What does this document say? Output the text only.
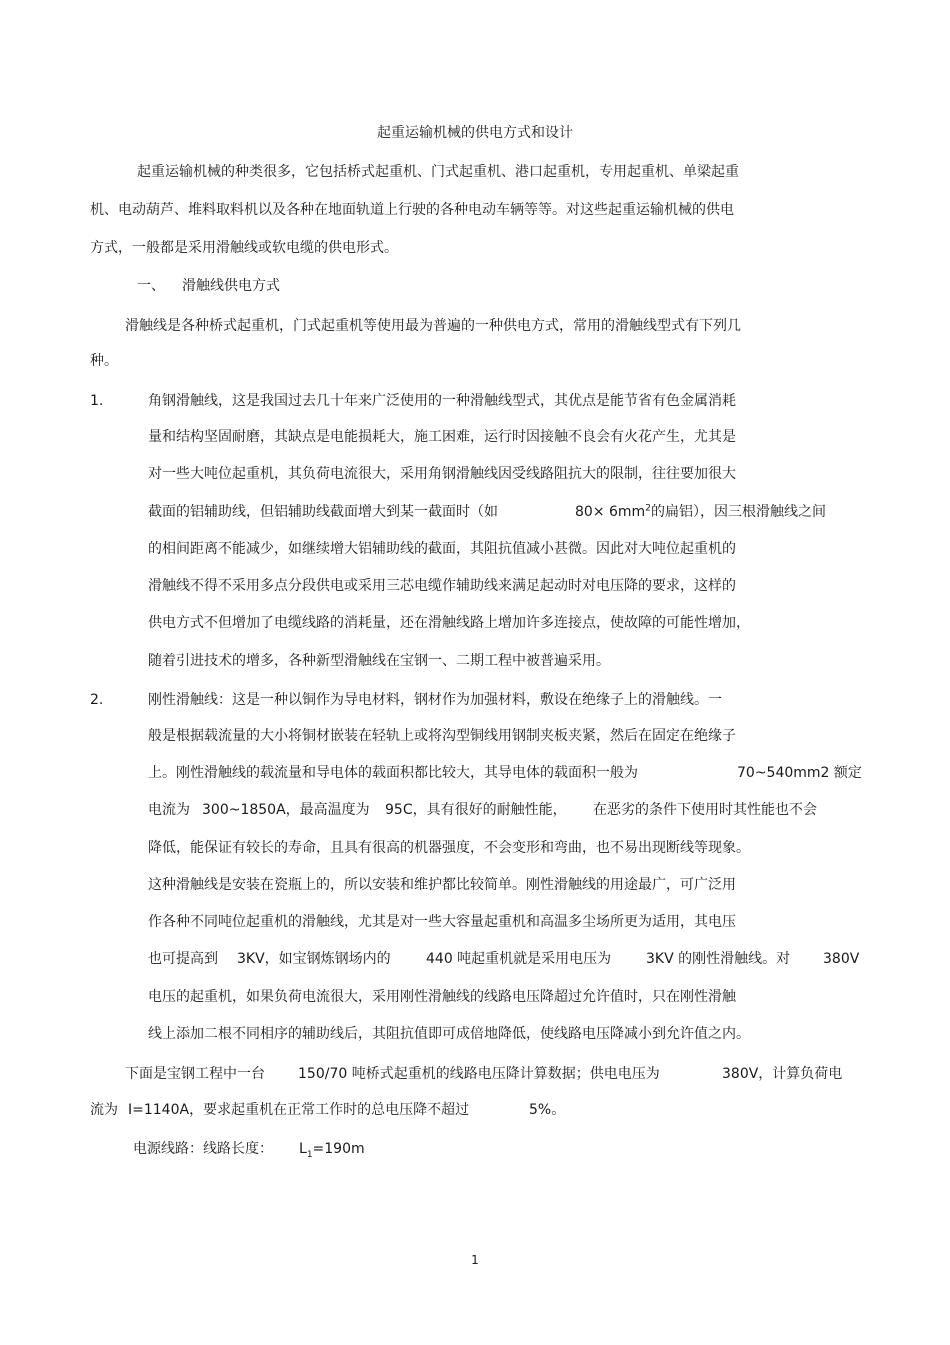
起重运输机械的供电方式和设计
起重运输机械的种类很多，它包括桥式起重机、门式起重机、港口起重机，专用起重机、单梁起重
机、电动葫芦、堆料取料机以及各种在地面轨道上行驶的各种电动车辆等等。对这些起重运输机械的供电
方式，一般都是采用滑触线或软电缆的供电形式。
一、 滑触线供电方式
滑触线是各种桥式起重机，门式起重机等使用最为普遍的一种供电方式，常用的滑触线型式有下列几
种。
1.	角钢滑触线，这是我国过去几十年来广泛使用的一种滑触线型式，其优点是能节省有色金属消耗
量和结构坚固耐磨，其缺点是电能损耗大，施工困难，运行时因接触不良会有火花产生，尤其是
对一些大吨位起重机，其负荷电流很大，采用角钢滑触线因受线路阻抗大的限制，往往要加很大
截面的铝辅助线，但铝辅助线截面增大到某一截面时（如	$80\times 6mm^2$ 的扁铝），因三根滑触线之间
的相间距离不能减少，如继续增大铝辅助线的截面，其阻抗值减小甚微。因此对大吨位起重机的
滑触线不得不采用多点分段供电或采用三芯电缆作辅助线来满足起动时对电压降的要求，这样的
供电方式不但增加了电缆线路的消耗量，还在滑触线路上增加许多连接点，使故障的可能性增加，
随着引进技术的增多，各种新型滑触线在宝钢一、二期工程中被普遍采用。
2.	刚性滑触线：这是一种以铜作为导电材料，钢材作为加强材料，敷设在绝缘子上的滑触线。一
般是根据载流量的大小将铜材嵌装在轻轨上或将沟型铜线用钢制夹板夹紧，然后在固定在绝缘子
上。刚性滑触线的载流量和导电体的载面积都比较大，其导电体的载面积一般为	70~540mm2 额定
电流为 300~1850A，最高温度为 95C，具有很好的耐触性能， 在恶劣的条件下使用时其性能也不会
降低，能保证有较长的寿命，且具有很高的机器强度，不会变形和弯曲，也不易出现断线等现象。
这种滑触线是安装在瓷瓶上的，所以安装和维护都比较简单。刚性滑触线的用途最广，可广泛用
作各种不同吨位起重机的滑触线，尤其是对一些大容量起重机和高温多尘场所更为适用，其电压
也可提高到 3KV，如宝钢炼钢场内的	440 吨起重机就是采用电压为 3KV 的刚性滑触线。对 380V
电压的起重机，如果负荷电流很大，采用刚性滑触线的线路电压降超过允许值时，只在刚性滑触
线上添加二根不同相序的辅助线后，其阻抗值即可成倍地降低，使线路电压降减小到允许值之内。
下面是宝钢工程中一台 150/70 吨桥式起重机的线路电压降计算数据；供电电压为	380V，计算负荷电
流为 I=1140A，要求起重机在正常工作时的总电压降不超过	5%。
电源线路：线路长度： $L_1=190m$
1
